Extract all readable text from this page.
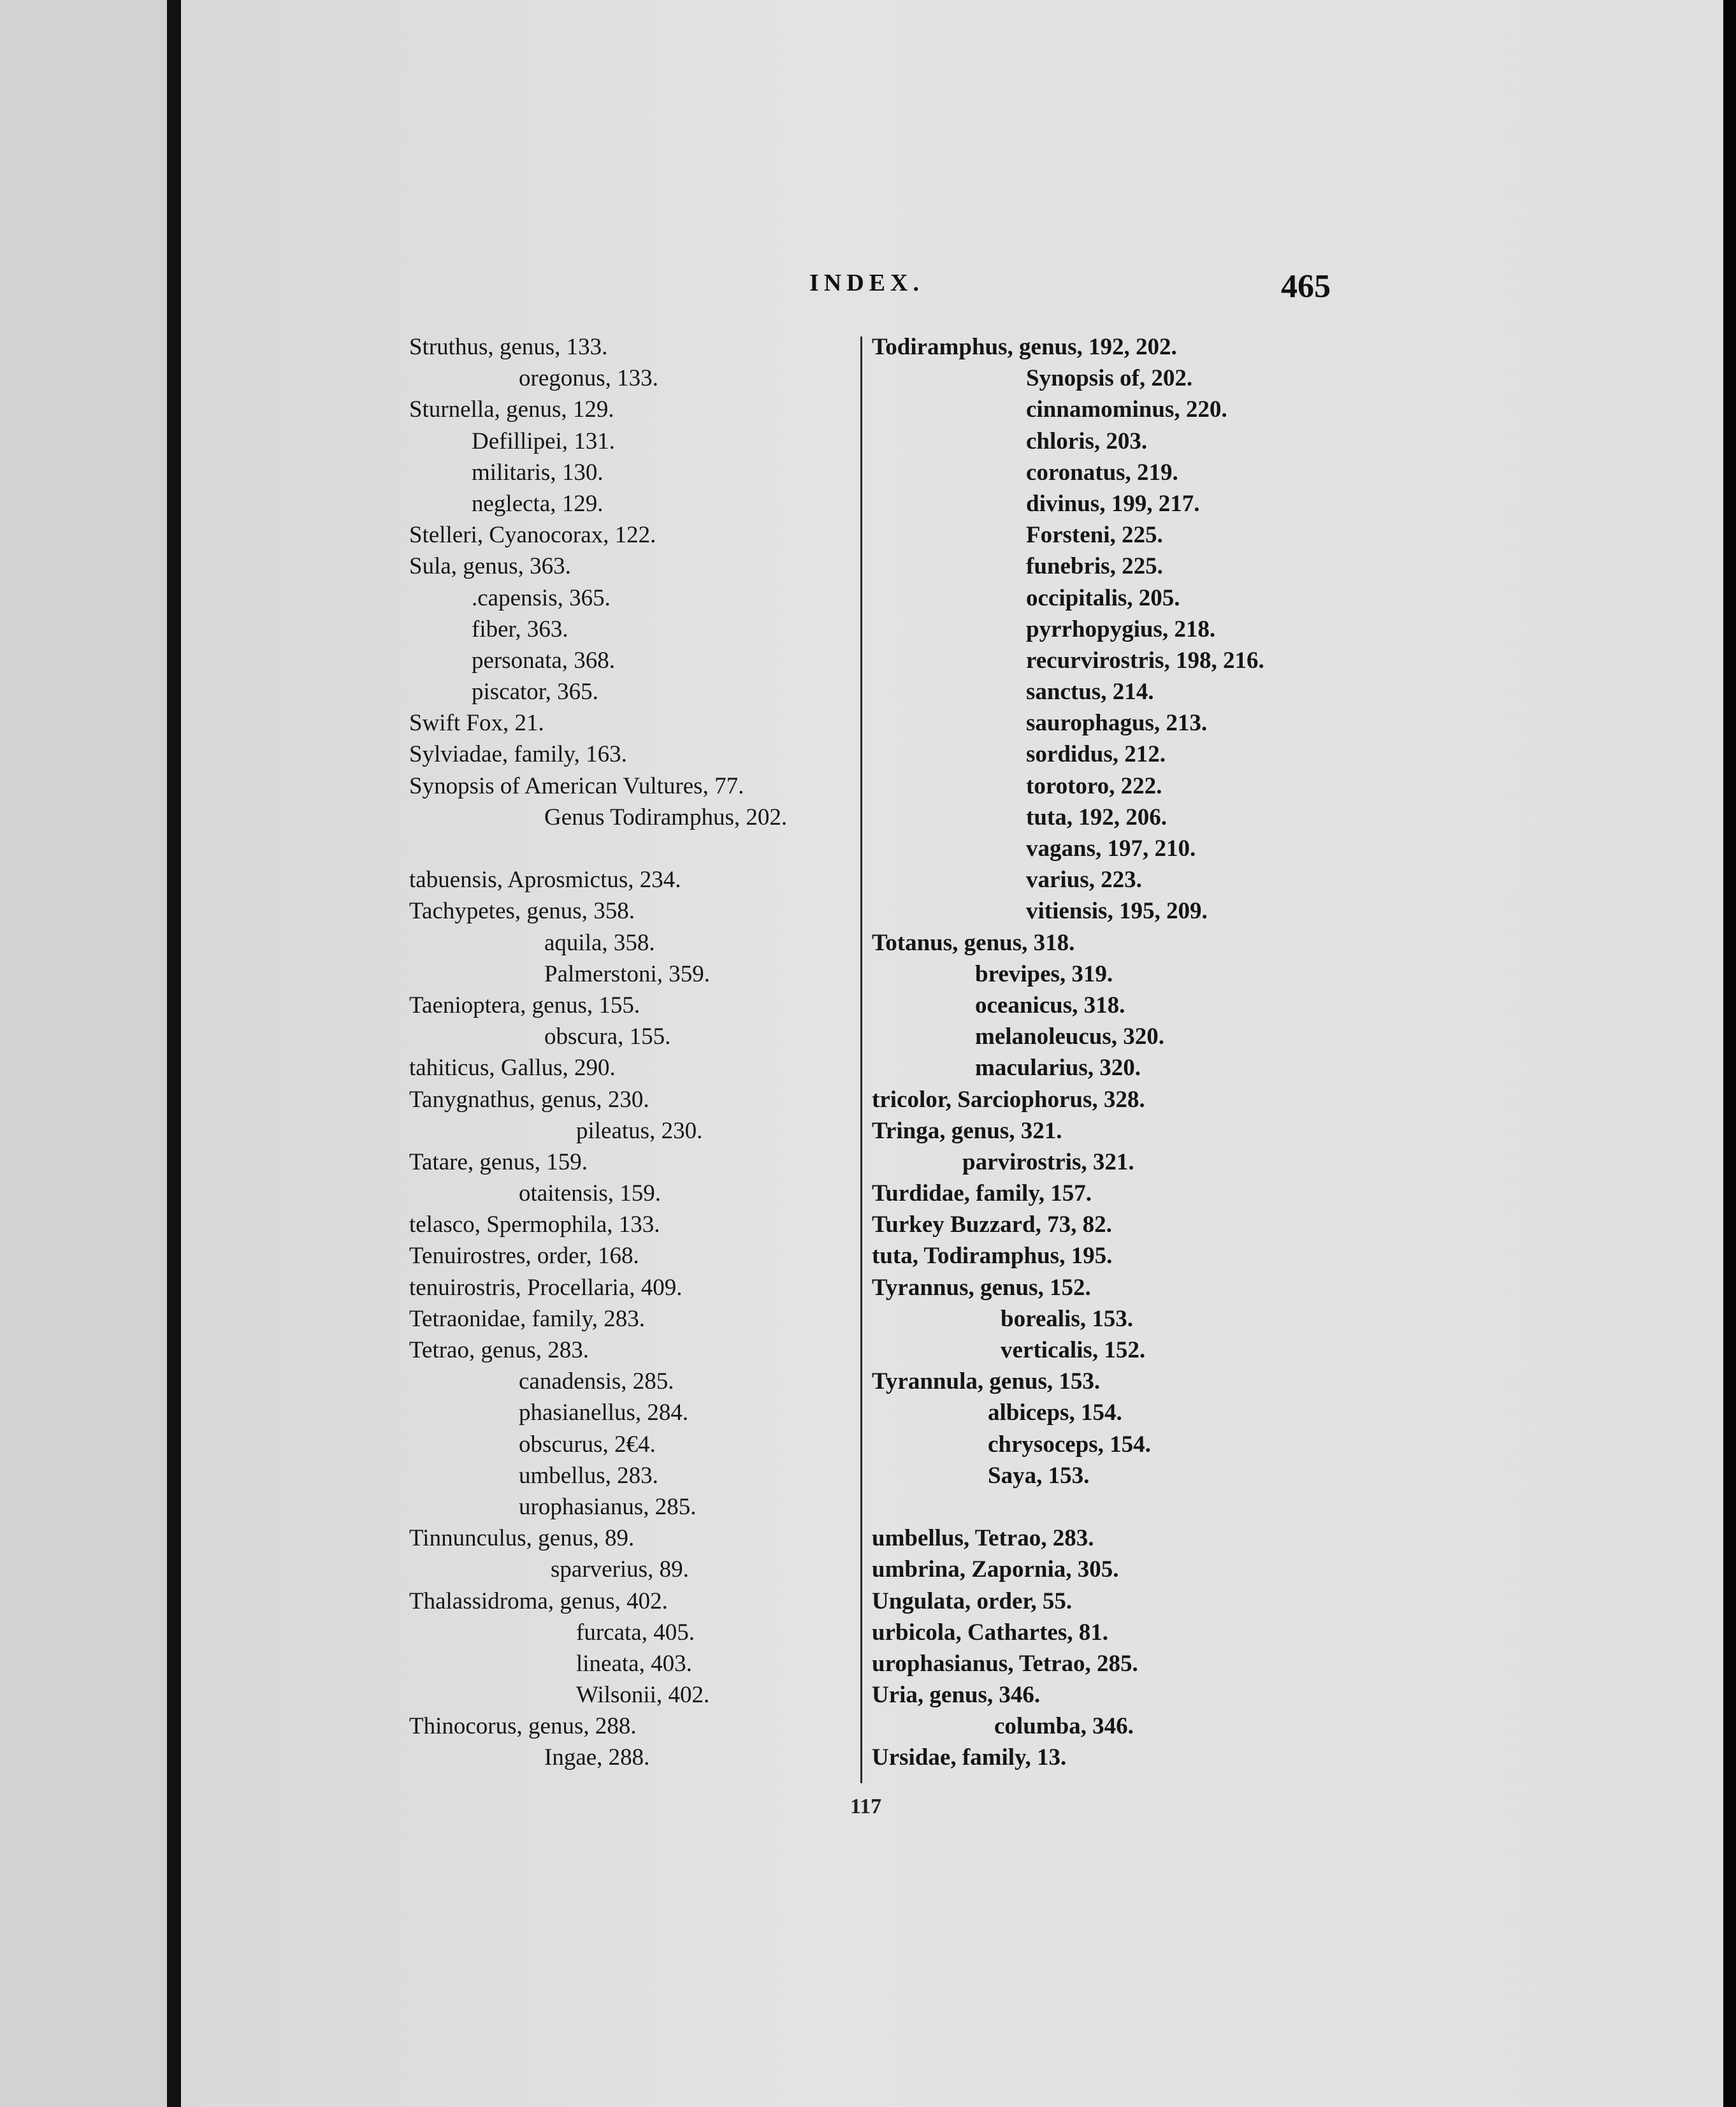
INDEX.	465
Struthus, genus, 133.
oregonus, 133.
Sturnella, genus, 129.
Defillipei, 131.
militaris, 130.
neglecta, 129.
Stelleri, Cyanocorax, 122.
Sula, genus, 363.
.capensis, 365.
fiber, 363.
personata, 368.
piscator, 365.
Swift Fox, 21.
Sylviadae, family, 163.
Synopsis of American Vultures, 77.
Genus Todiramphus, 202.
tabuensis, Aprosmictus, 234.
Tachypetes, genus, 358.
aquila, 358.
Palmerstoni, 359.
Taenioptera, genus, 155.
obscura, 155.
tahiticus, Gallus, 290.
Tanygnathus, genus, 230.
pileatus, 230.
Tatare, genus, 159.
otaitensis, 159.
telasco, Spermophila, 133.
Tenuirostres, order, 168.
tenuirostris, Procellaria, 409.
Tetraonidae, family, 283.
Tetrao, genus, 283.
canadensis, 285.
phasianellus, 284.
obscurus, 2€4.
umbellus, 283.
urophasianus, 285.
Tinnunculus, genus, 89.
sparverius, 89.
Thalassidroma, genus, 402.
furcata, 405.
lineata, 403.
Wilsonii, 402.
Thinocorus, genus, 288.
Ingae, 288.
Todiramphus, genus, 192, 202.
Synopsis of, 202.
cinnamominus, 220.
chloris, 203.
coronatus, 219.
divinus, 199, 217.
Forsteni, 225.
funebris, 225.
occipitalis, 205.
pyrrhopygius, 218.
recurvirostris, 198, 216.
sanctus, 214.
saurophagus, 213.
sordidus, 212.
torotoro, 222.
tuta, 192, 206.
vagans, 197, 210.
varius, 223.
vitiensis, 195, 209.
Totanus, genus, 318.
brevipes, 319.
oceanicus, 318.
melanoleucus, 320.
macularius, 320.
tricolor, Sarciophorus, 328.
Tringa, genus, 321.
parvirostris, 321.
Turdidae, family, 157.
Turkey Buzzard, 73, 82.
tuta, Todiramphus, 195.
Tyrannus, genus, 152.
borealis, 153.
verticalis, 152.
Tyrannula, genus, 153.
albiceps, 154.
chrysoceps, 154.
Saya, 153.
umbellus, Tetrao, 283.
umbrina, Zapornia, 305.
Ungulata, order, 55.
urbicola, Cathartes, 81.
urophasianus, Tetrao, 285.
Uria, genus, 346.
columba, 346.
Ursidae, family, 13.
117
